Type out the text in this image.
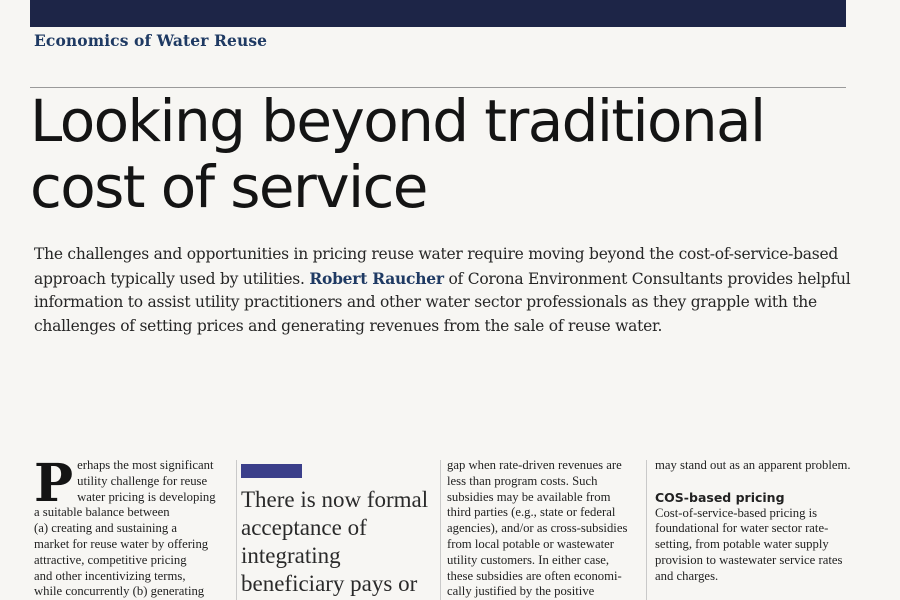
Economics of Water Reuse
Looking beyond traditional
cost of service

The challenges and opportunities in pricing reuse water require moving beyond the cost-of-service-based approach typically used by utilities. Robert Raucher of Corona Environment Consultants provides helpful information to assist utility practitioners and other water sector professionals as they grapple with the challenges of setting prices and generating revenues from the sale of reuse water.

P erhaps the most significant
utility challenge for reuse
water pricing is developing
a suitable balance between
(a) creating and sustaining a
market for reuse water by offering
attractive, competitive pricing
and other incentivizing terms,
while concurrently (b) generating

There is now formal acceptance of integrating beneficiary pays or

gap when rate-driven revenues are
less than program costs. Such
subsidies may be available from
third parties (e.g., state or federal
agencies), and/or as cross-subsidies
from local potable or wastewater
utility customers. In either case,
these subsidies are often economi-
cally justified by the positive

may stand out as an apparent problem.

COS-based pricing

Cost-of-service-based pricing is foundational for water sector rate-setting, from potable water supply provision to wastewater service rates and charges.
